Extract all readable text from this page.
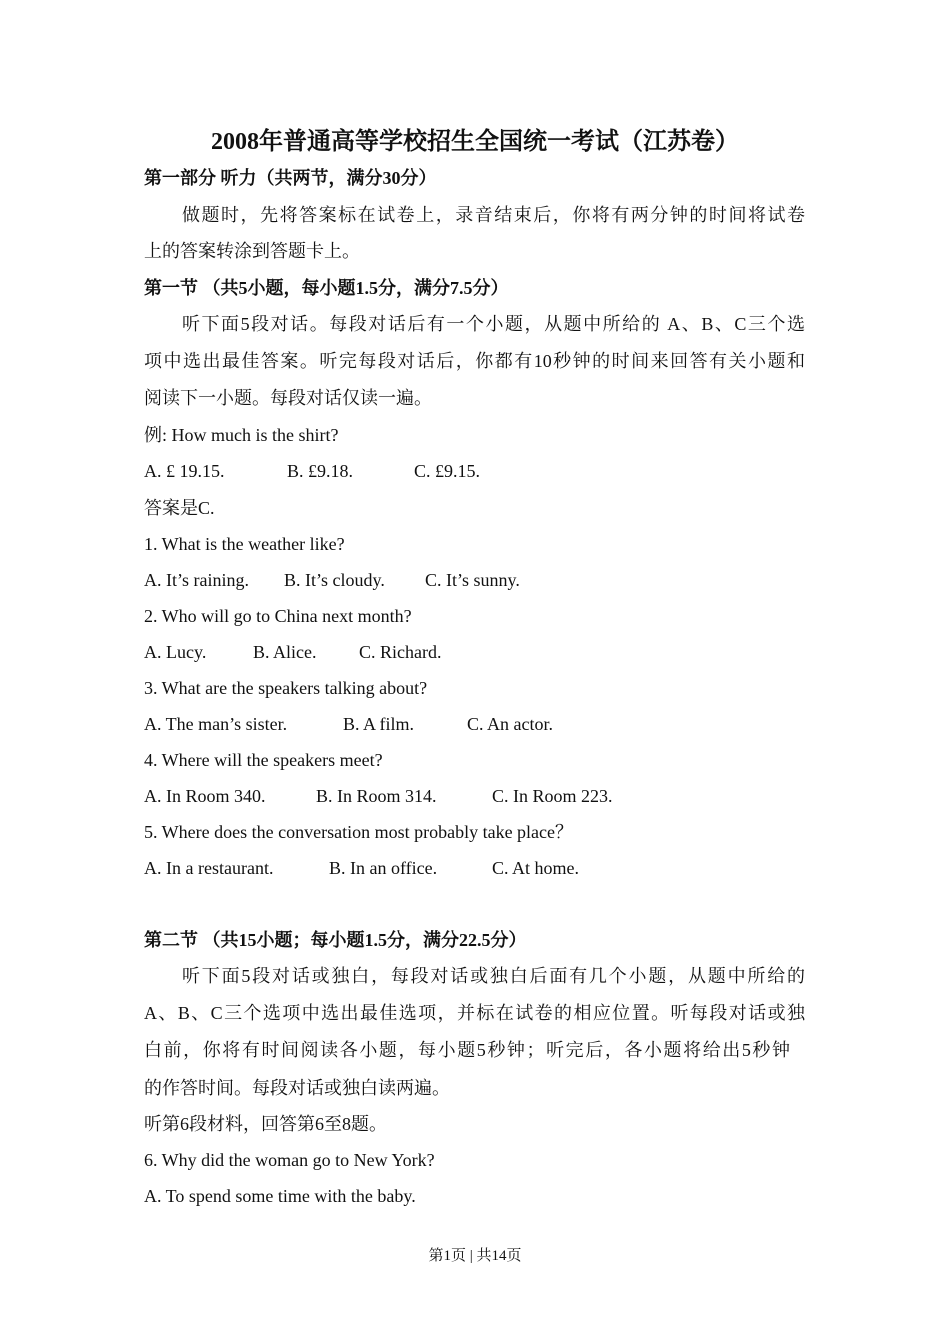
2008年普通高等学校招生全国统一考试（江苏卷）
第一部分 听力（共两节，满分30分）
做题时，先将答案标在试卷上，录音结束后，你将有两分钟的时间将试卷
上的答案转涂到答题卡上。
第一节 （共5小题，每小题1.5分，满分7.5分）
听下面5段对话。每段对话后有一个小题，从题中所给的 A、B、C三个选
项中选出最佳答案。听完每段对话后，你都有10秒钟的时间来回答有关小题和
阅读下一小题。每段对话仅读一遍。
例: How much is the shirt?
A. £ 19.15.	B. £9.18.	C. £9.15.
答案是C.
1. What is the weather like?
A. It’s raining. B. It’s cloudy. C. It’s sunny.
2. Who will go to China next month?
A. Lucy.	B. Alice. C. Richard.
3. What are the speakers talking about?
A. The man’s sister.	B. A film.	C. An actor.
4. Where will the speakers meet?
A. In Room 340.	B. In Room 314.	C. In Room 223.
5. Where does the conversation most probably take place？
A. In a restaurant.	B. In an office.	C. At home.
第二节 （共15小题；每小题1.5分，满分22.5分）
听下面5段对话或独白，每段对话或独白后面有几个小题，从题中所给的
A、B、C三个选项中选出最佳选项，并标在试卷的相应位置。听每段对话或独
白前，你将有时间阅读各小题，每小题5秒钟；听完后，各小题将给出5秒钟
的作答时间。每段对话或独白读两遍。
听第6段材料，回答第6至8题。
6. Why did the woman go to New York?
A. To spend some time with the baby.
第1页 | 共14页
